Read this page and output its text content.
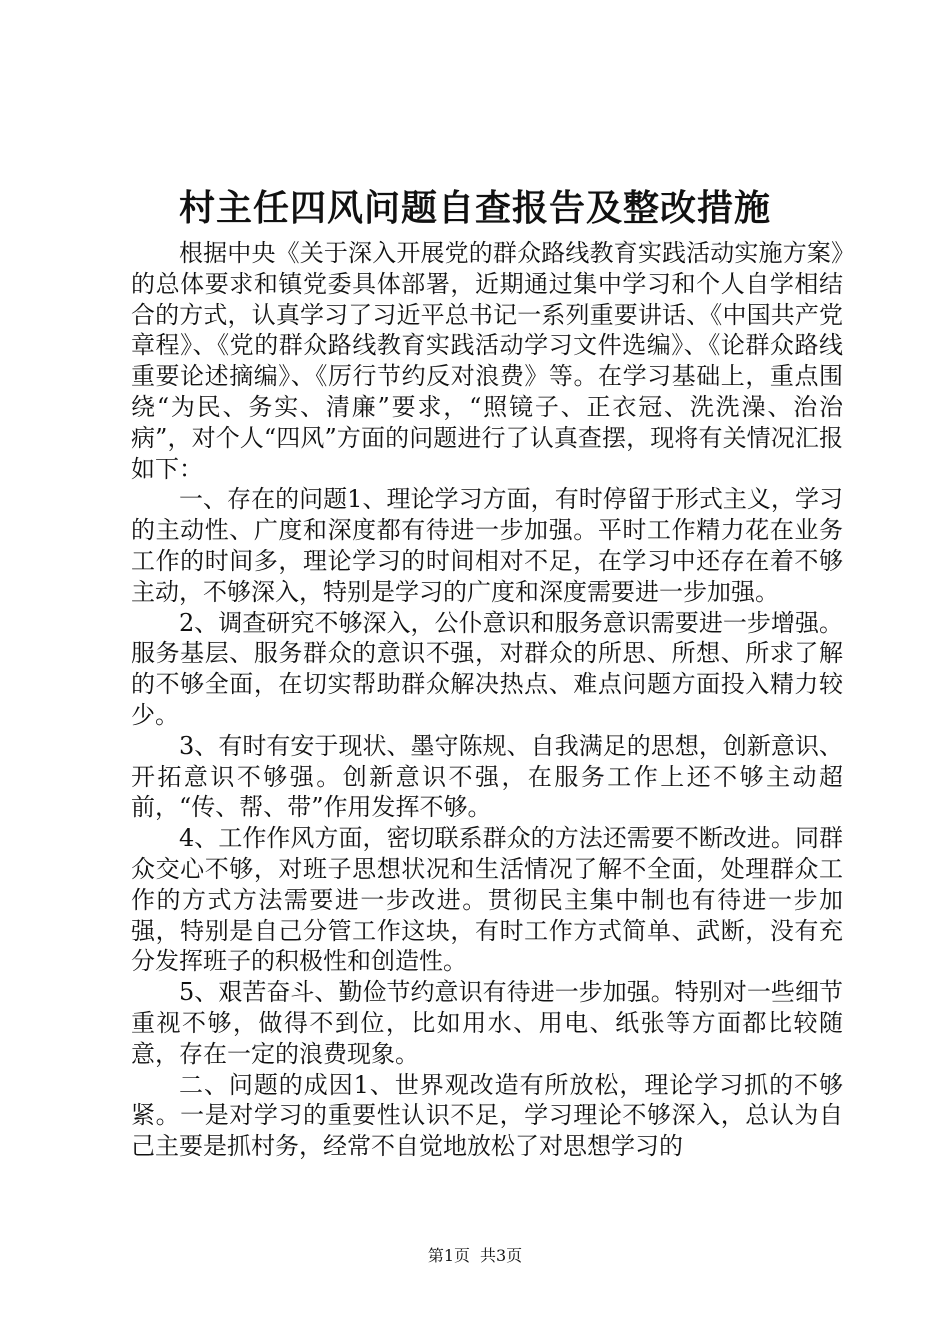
村主任四风问题自查报告及整改措施

根据中央《关于深入开展党的群众路线教育实践活动实施方案》的总体要求和镇党委具体部署，近期通过集中学习和个人自学相结合的方式，认真学习了习近平总书记一系列重要讲话、《中国共产党章程》、《党的群众路线教育实践活动学习文件选编》、《论群众路线重要论述摘编》、《厉行节约反对浪费》等。在学习基础上，重点围绕“为民、务实、清廉”要求，“照镜子、正衣冠、洗洗澡、治治病”，对个人“四风”方面的问题进行了认真查摆，现将有关情况汇报如下：

一、存在的问题1、理论学习方面，有时停留于形式主义，学习的主动性、广度和深度都有待进一步加强。平时工作精力花在业务工作的时间多，理论学习的时间相对不足，在学习中还存在着不够主动，不够深入，特别是学习的广度和深度需要进一步加强。

2、调查研究不够深入，公仆意识和服务意识需要进一步增强。服务基层、服务群众的意识不强，对群众的所思、所想、所求了解的不够全面，在切实帮助群众解决热点、难点问题方面投入精力较少。

3、有时有安于现状、墨守陈规、自我满足的思想，创新意识、开拓意识不够强。创新意识不强，在服务工作上还不够主动超前，“传、帮、带”作用发挥不够。

4、工作作风方面，密切联系群众的方法还需要不断改进。同群众交心不够，对班子思想状况和生活情况了解不全面，处理群众工作的方式方法需要进一步改进。贯彻民主集中制也有待进一步加强，特别是自己分管工作这块，有时工作方式简单、武断，没有充分发挥班子的积极性和创造性。

5、艰苦奋斗、勤俭节约意识有待进一步加强。特别对一些细节重视不够，做得不到位，比如用水、用电、纸张等方面都比较随意，存在一定的浪费现象。

二、问题的成因1、世界观改造有所放松，理论学习抓的不够紧。一是对学习的重要性认识不足，学习理论不够深入，总认为自己主要是抓村务，经常不自觉地放松了对思想学习的

第1页 共3页
